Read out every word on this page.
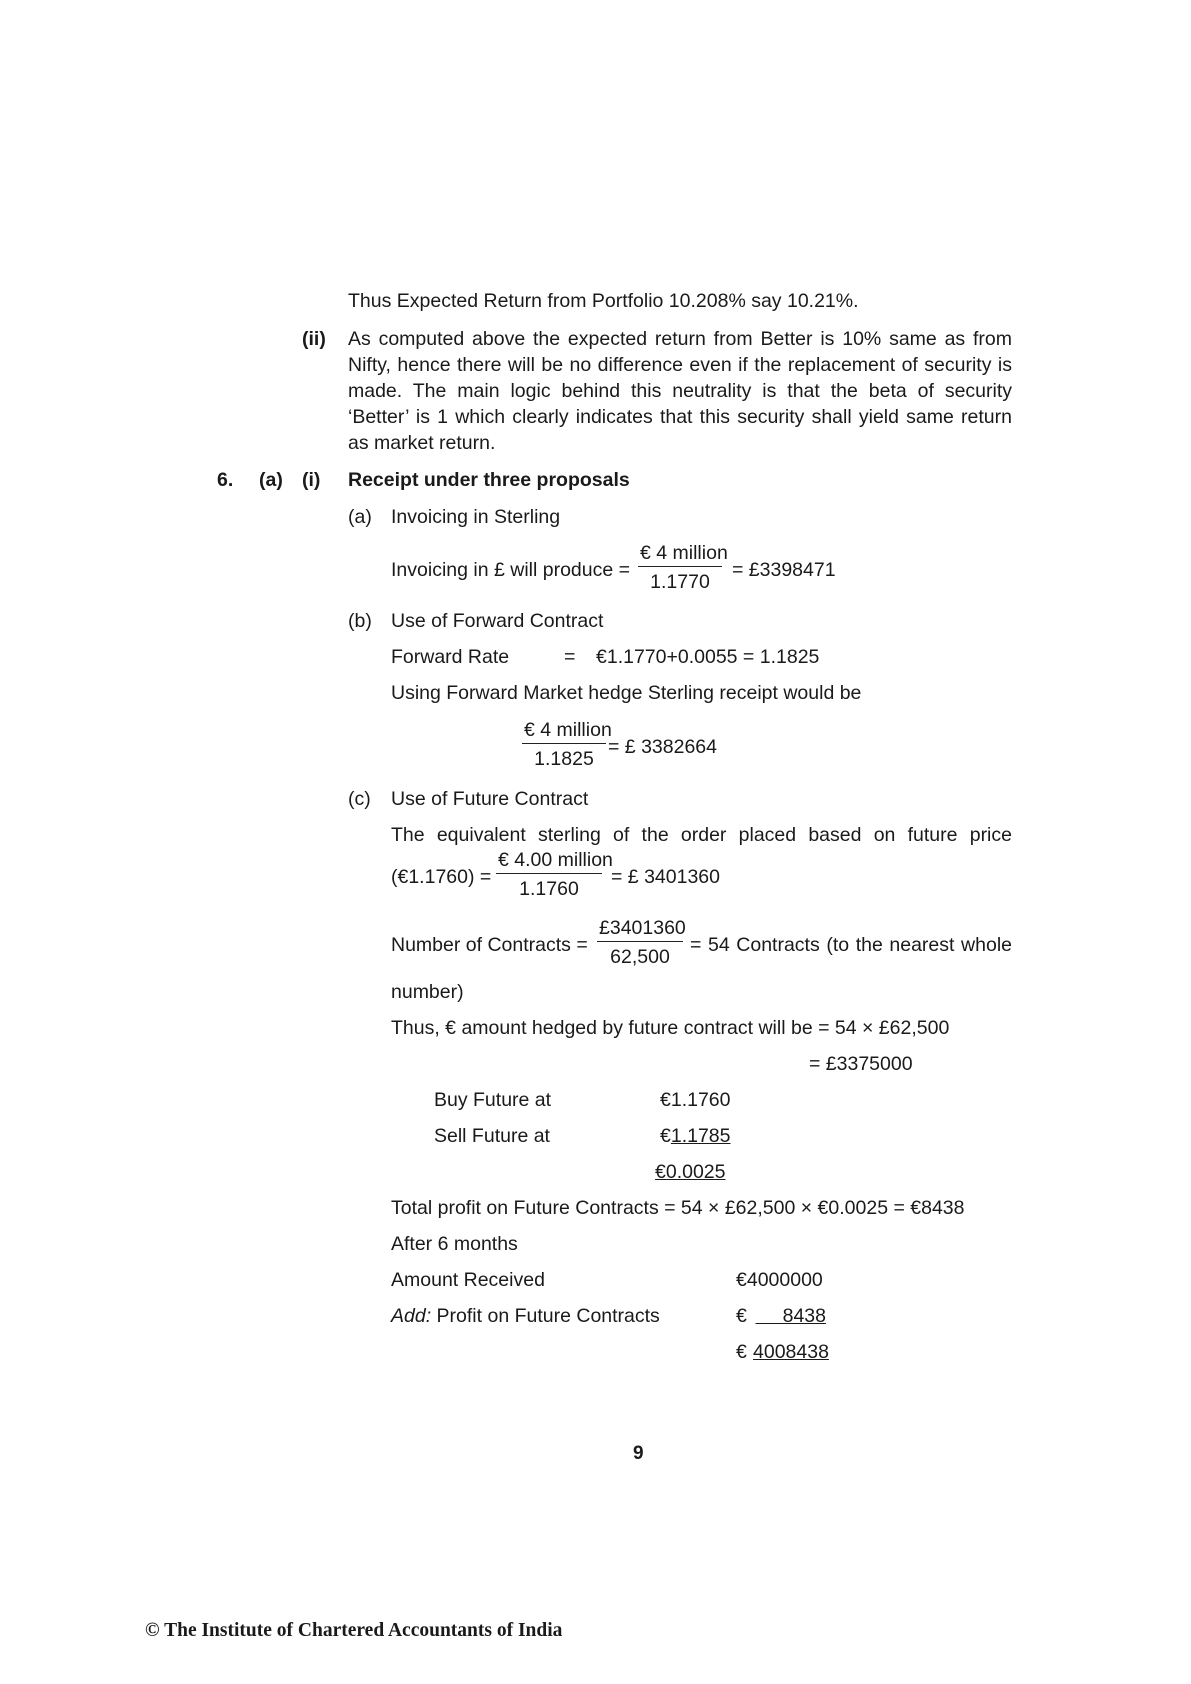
Thus Expected Return from Portfolio 10.208% say 10.21%.
(ii) As computed above the expected return from Better is 10% same as from Nifty, hence there will be no difference even if the replacement of security is made. The main logic behind this neutrality is that the beta of security ‘Better’ is 1 which clearly indicates that this security shall yield same return as market return.
6. (a) (i) Receipt under three proposals
(a) Invoicing in Sterling
Invoicing in £ will produce =
€ 4 million
1.1770
= £3398471
(b) Use of Forward Contract
Forward Rate	= €1.1770+0.0055 = 1.1825
Using Forward Market hedge Sterling receipt would be
€ 4 million
1.1825
= £ 3382664
(c) Use of Future Contract
The equivalent sterling of the order placed based on future price
(€1.1760) =
€ 4.00 million
1.1760
= £ 3401360
Number of Contracts = $\frac{£3401360}{62,500} = 54$ Contracts (to the nearest whole
number)
Thus, € amount hedged by future contract will be = 54 × £62,500
= £3375000
Buy Future at	€1.1760
Sell Future at	€1.1785
€0.0025
Total profit on Future Contracts = 54 × £62,500 × €0.0025 = €8438
After 6 months
Amount Received	€4000000
Add: Profit on Future Contracts	€ 8438
€ 4008438
9
© The Institute of Chartered Accountants of India
